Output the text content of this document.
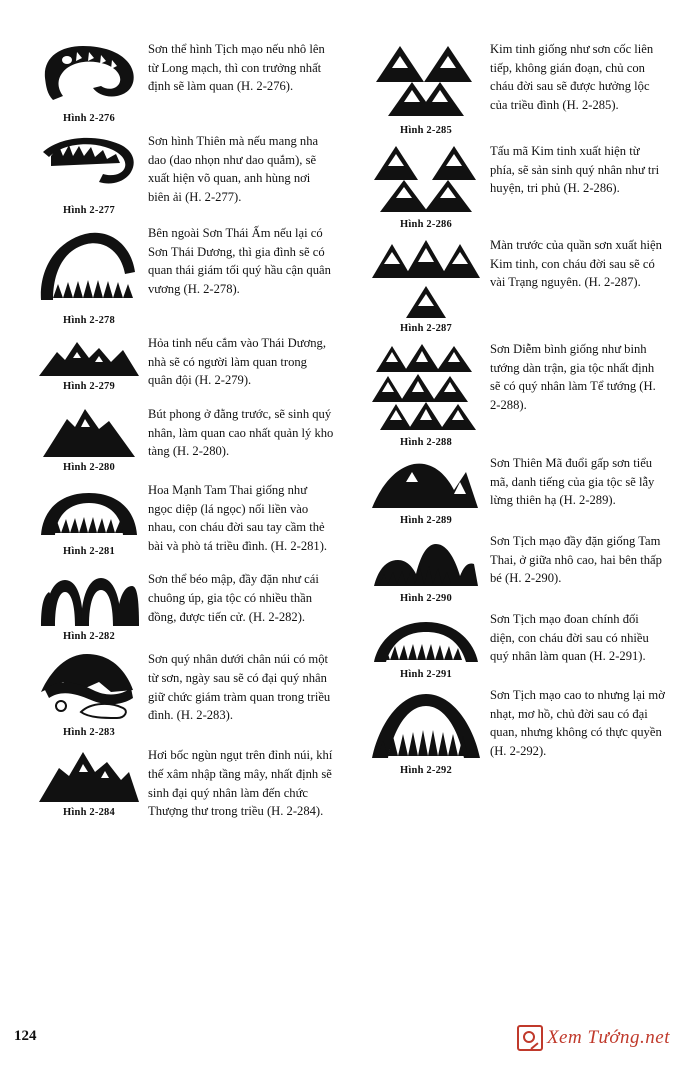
Hình 2-276

Sơn thể hình Tịch mạo nếu nhô lên từ Long mạch, thì con trưởng nhất định sẽ làm quan (H. 2-276).

Hình 2-277

Sơn hình Thiên mà nếu mang nha dao (dao nhọn như dao quắm), sẽ xuất hiện võ quan, anh hùng nơi biên ải (H. 2-277).

Hình 2-278

Bên ngoài Sơn Thái Ấm nếu lại có Sơn Thái Dương, thì gia đình sẽ có quan thái giám tối quý hầu cận quân vương (H. 2-278).

Hình 2-279

Hỏa tinh nếu cắm vào Thái Dương, nhà sẽ có người làm quan trong quân đội (H. 2-279).

Hình 2-280

Bút phong ở đằng trước, sẽ sinh quý nhân, làm quan cao nhất quản lý kho tàng (H. 2-280).

Hình 2-281

Hoa Mạnh Tam Thai giống như ngọc diệp (lá ngọc) nối liền vào nhau, con cháu đời sau tay cầm thẻ bài và phò tá triều đình. (H. 2-281).

Hình 2-282

Sơn thể béo mập, đầy đặn như cái chuông úp, gia tộc có nhiều thần đồng, được tiến cử. (H. 2-282).

Hình 2-283

Sơn quý nhân dưới chân núi có một từ sơn, ngày sau sẽ có đại quý nhân giữ chức giám tràm quan trong triều đình. (H. 2-283).

Hình 2-284

Hơi bốc ngùn ngụt trên đỉnh núi, khí thế xâm nhập tầng mây, nhất định sẽ sinh đại quý nhân làm đến chức Thượng thư trong triều (H. 2-284).

Hình 2-285

Kim tinh giống như sơn cốc liên tiếp, không gián đoạn, chủ con cháu đời sau sẽ được hưởng lộc của triều đình (H. 2-285).

Hình 2-286

Tấu mã Kim tinh xuất hiện từ phía, sẽ sản sinh quý nhân như tri huyện, tri phủ (H. 2-286).

Hình 2-287

Màn trước của quần sơn xuất hiện Kim tinh, con cháu đời sau sẽ có vài Trạng nguyên. (H. 2-287).

Hình 2-288

Sơn Diễm bình giống như binh tướng dàn trận, gia tộc nhất định sẽ có quý nhân làm Tể tướng (H. 2-288).

Hình 2-289

Sơn Thiên Mã đuổi gấp sơn tiểu mã, danh tiếng của gia tộc sẽ lẫy lừng thiên hạ (H. 2-289).

Hình 2-290

Sơn Tịch mạo đầy đặn giống Tam Thai, ở giữa nhô cao, hai bên thấp bé (H. 2-290).

Hình 2-291

Sơn Tịch mạo đoan chính đối diện, con cháu đời sau có nhiều quý nhân làm quan (H. 2-291).

Hình 2-292

Sơn Tịch mạo cao to nhưng lại mờ nhạt, mơ hồ, chủ đời sau có đại quan, nhưng không có thực quyền (H. 2-292).

124	Xem Tướng.net
